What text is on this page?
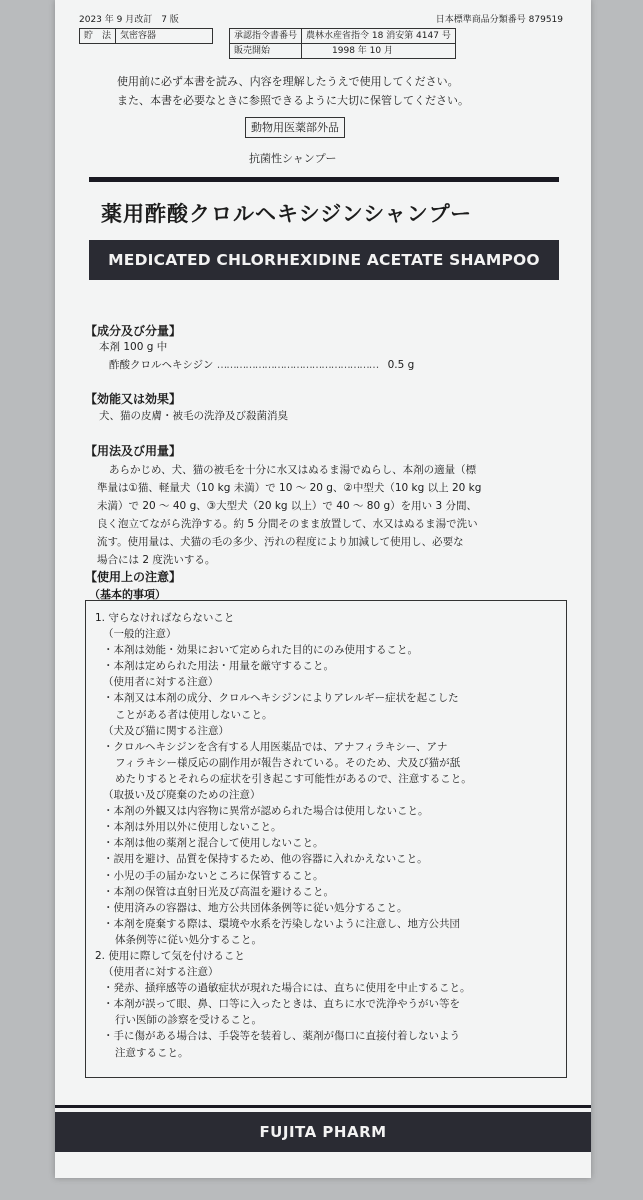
2023 年 9 月改訂　7 版	日本標準商品分類番号 879519
貯　法	気密容器	承認指令書番号	農林水産省指令 18 消安第 4147 号
販売開始	1998 年 10 月
使用前に必ず本書を読み、内容を理解したうえで使用してください。
また、本書を必要なときに参照できるように大切に保管してください。
動物用医薬部外品
抗菌性シャンプー
薬用酢酸クロルヘキシジンシャンプー
MEDICATED CHLORHEXIDINE ACETATE SHAMPOO
【成分及び分量】
本剤 100 g 中
酢酸クロルヘキシジン …………………………………………… 0.5 g
【効能又は効果】
犬、猫の皮膚・被毛の洗浄及び殺菌消臭
【用法及び用量】
あらかじめ、犬、猫の被毛を十分に水又はぬるま湯でぬらし、本剤の適量（標
準量は①猫、軽量犬（10 kg 未満）で 10 〜 20 g、②中型犬（10 kg 以上 20 kg
未満）で 20 〜 40 g、③大型犬（20 kg 以上）で 40 〜 80 g）を用い 3 分間、
良く泡立てながら洗浄する。約 5 分間そのまま放置して、水又はぬるま湯で洗い
流す。使用量は、犬猫の毛の多少、汚れの程度により加減して使用し、必要な
場合には 2 度洗いする。
【使用上の注意】
（基本的事項）
1. 守らなければならないこと
（一般的注意）
・本剤は効能・効果において定められた目的にのみ使用すること。
・本剤は定められた用法・用量を厳守すること。
（使用者に対する注意）
・本剤又は本剤の成分、クロルヘキシジンによりアレルギー症状を起こした
ことがある者は使用しないこと。
（犬及び猫に関する注意）
・クロルヘキシジンを含有する人用医薬品では、アナフィラキシー、アナ
フィラキシー様反応の副作用が報告されている。そのため、犬及び猫が舐
めたりするとそれらの症状を引き起こす可能性があるので、注意すること。
（取扱い及び廃棄のための注意）
・本剤の外観又は内容物に異常が認められた場合は使用しないこと。
・本剤は外用以外に使用しないこと。
・本剤は他の薬剤と混合して使用しないこと。
・誤用を避け、品質を保持するため、他の容器に入れかえないこと。
・小児の手の届かないところに保管すること。
・本剤の保管は直射日光及び高温を避けること。
・使用済みの容器は、地方公共団体条例等に従い処分すること。
・本剤を廃棄する際は、環境や水系を汚染しないように注意し、地方公共団
体条例等に従い処分すること。
2. 使用に際して気を付けること
（使用者に対する注意）
・発赤、掻痒感等の過敏症状が現れた場合には、直ちに使用を中止すること。
・本剤が誤って眼、鼻、口等に入ったときは、直ちに水で洗浄やうがい等を
行い医師の診察を受けること。
・手に傷がある場合は、手袋等を装着し、薬剤が傷口に直接付着しないよう
注意すること。
FUJITA PHARM
